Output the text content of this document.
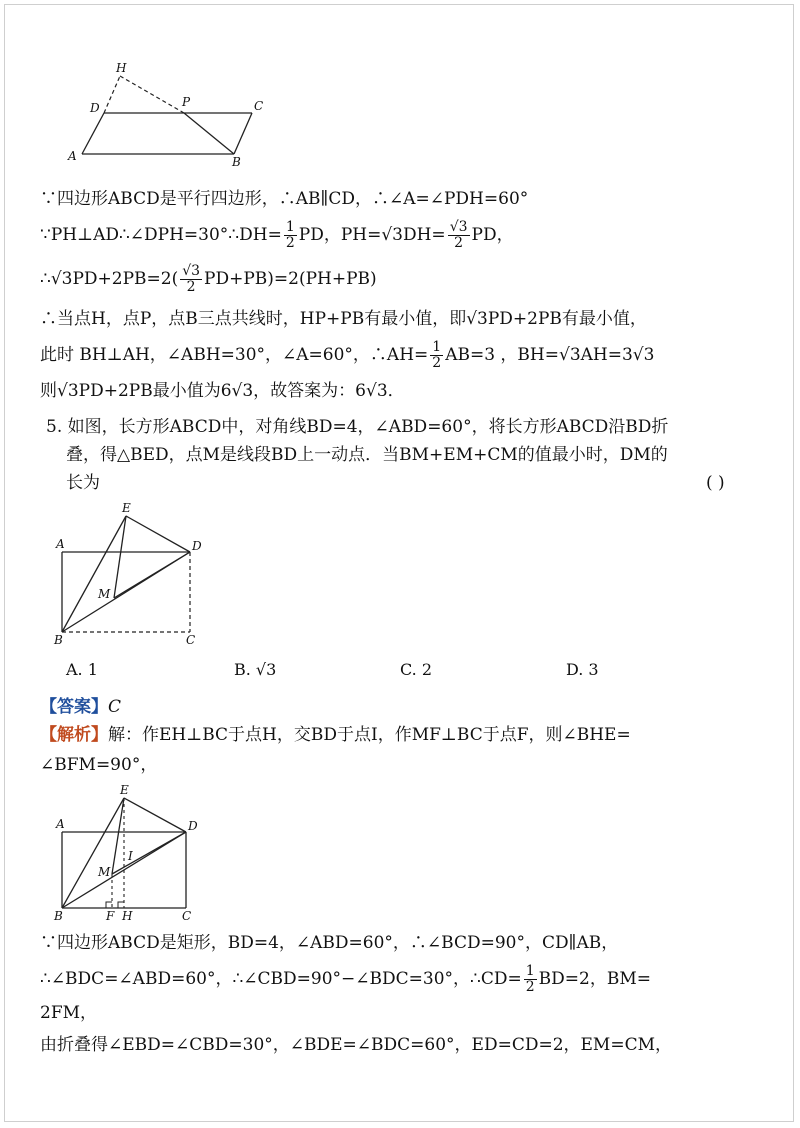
H
D	P	C
A	B
∵四边形ABCD是平行四边形，∴AB∥CD，∴∠A=∠PDH=60°
∵PH⊥AD∴∠DPH=30°∴DH= $\frac{1}{2}$ PD，$PH=√3DH= \frac{√3}{2}$ PD，
∴√3PD+2PB=2( $\frac{√3}{2} PD+PB)=2(PH+PB)$
∴当点H，点P，点B三点共线时，HP+PB有最小值，即√3PD+2PB有最小值，
此时 BH⊥AH，∠ABH=30°，∠A=60°，∴AH= $\frac{1}{2} AB=3$ ，BH=√3AH=3√3
则√3PD+2PB最小值为6√3，故答案为：6√3．
5. 如图，长方形ABCD中，对角线BD=4，∠ABD=60°，将长方形ABCD沿BD折
叠，得△BED，点M是线段BD上一动点．当BM+EM+CM的值最小时，DM的
长为	( )
E
A	D
M
B	C
A. 1	B. √3	C. 2	D. 3
【答案】C
【解析】解：作EH⊥BC于点H，交BD于点I，作MF⊥BC于点F，则∠BHE=
∠BFM=90°，
E
A	D
I
M
B	F H	C
∵四边形ABCD是矩形，BD=4，∠ABD=60°，∴∠BCD=90°，CD∥AB，
∴∠BDC=∠ABD=60°，∴∠CBD=90°−∠BDC=30°，∴CD= $\frac{1}{2} BD=2$，BM=
2FM，
由折叠得∠EBD=∠CBD=30°，∠BDE=∠BDC=60°，ED=CD=2，EM=CM，
